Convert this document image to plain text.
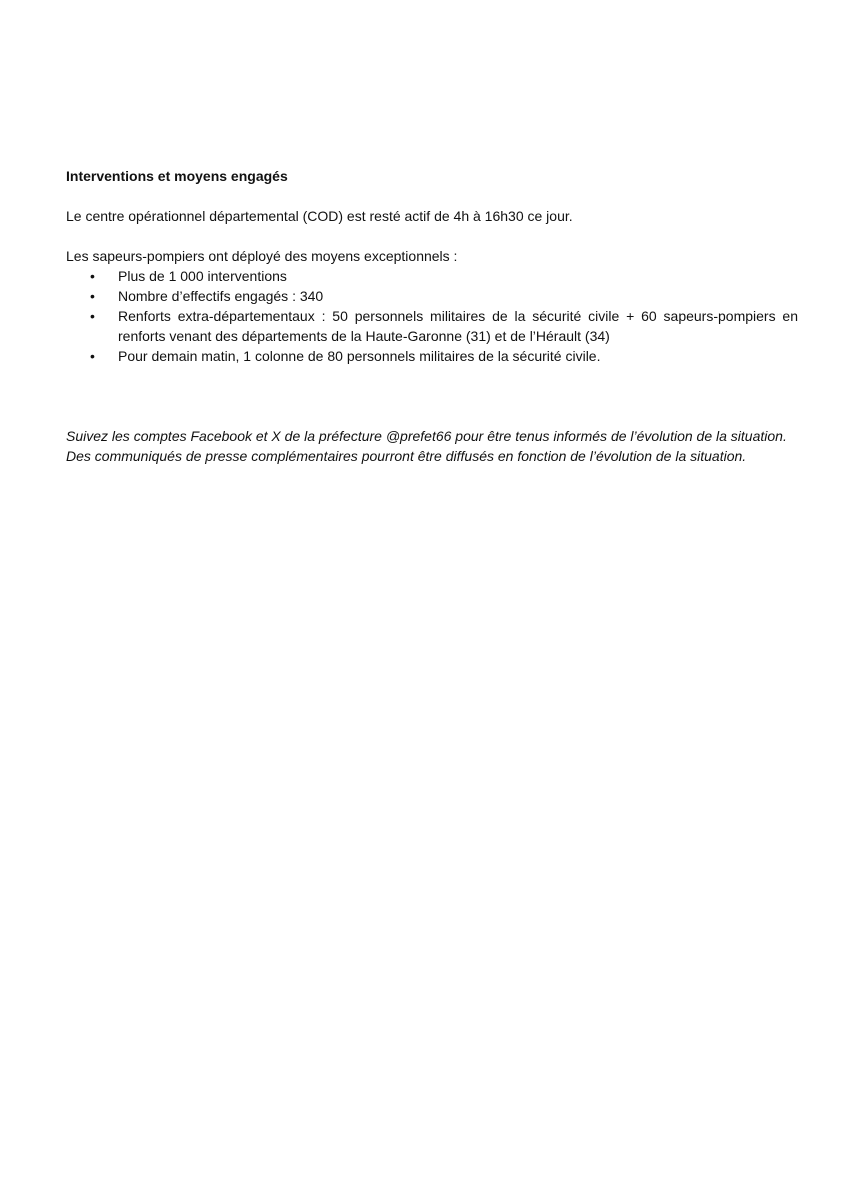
Interventions et moyens engagés

Le centre opérationnel départemental (COD) est resté actif de 4h à 16h30 ce jour.

Les sapeurs-pompiers ont déployé des moyens exceptionnels :

• Plus de 1 000 interventions
• Nombre d’effectifs engagés : 340
• Renforts extra-départementaux : 50 personnels militaires de la sécurité civile + 60 sapeurs-pompiers en renforts venant des départements de la Haute-Garonne (31) et de l’Hérault (34)
• Pour demain matin, 1 colonne de 80 personnels militaires de la sécurité civile.

Suivez les comptes Facebook et X de la préfecture @prefet66 pour être tenus informés de l’évolution de la situation.

Des communiqués de presse complémentaires pourront être diffusés en fonction de l’évolution de la situation.
